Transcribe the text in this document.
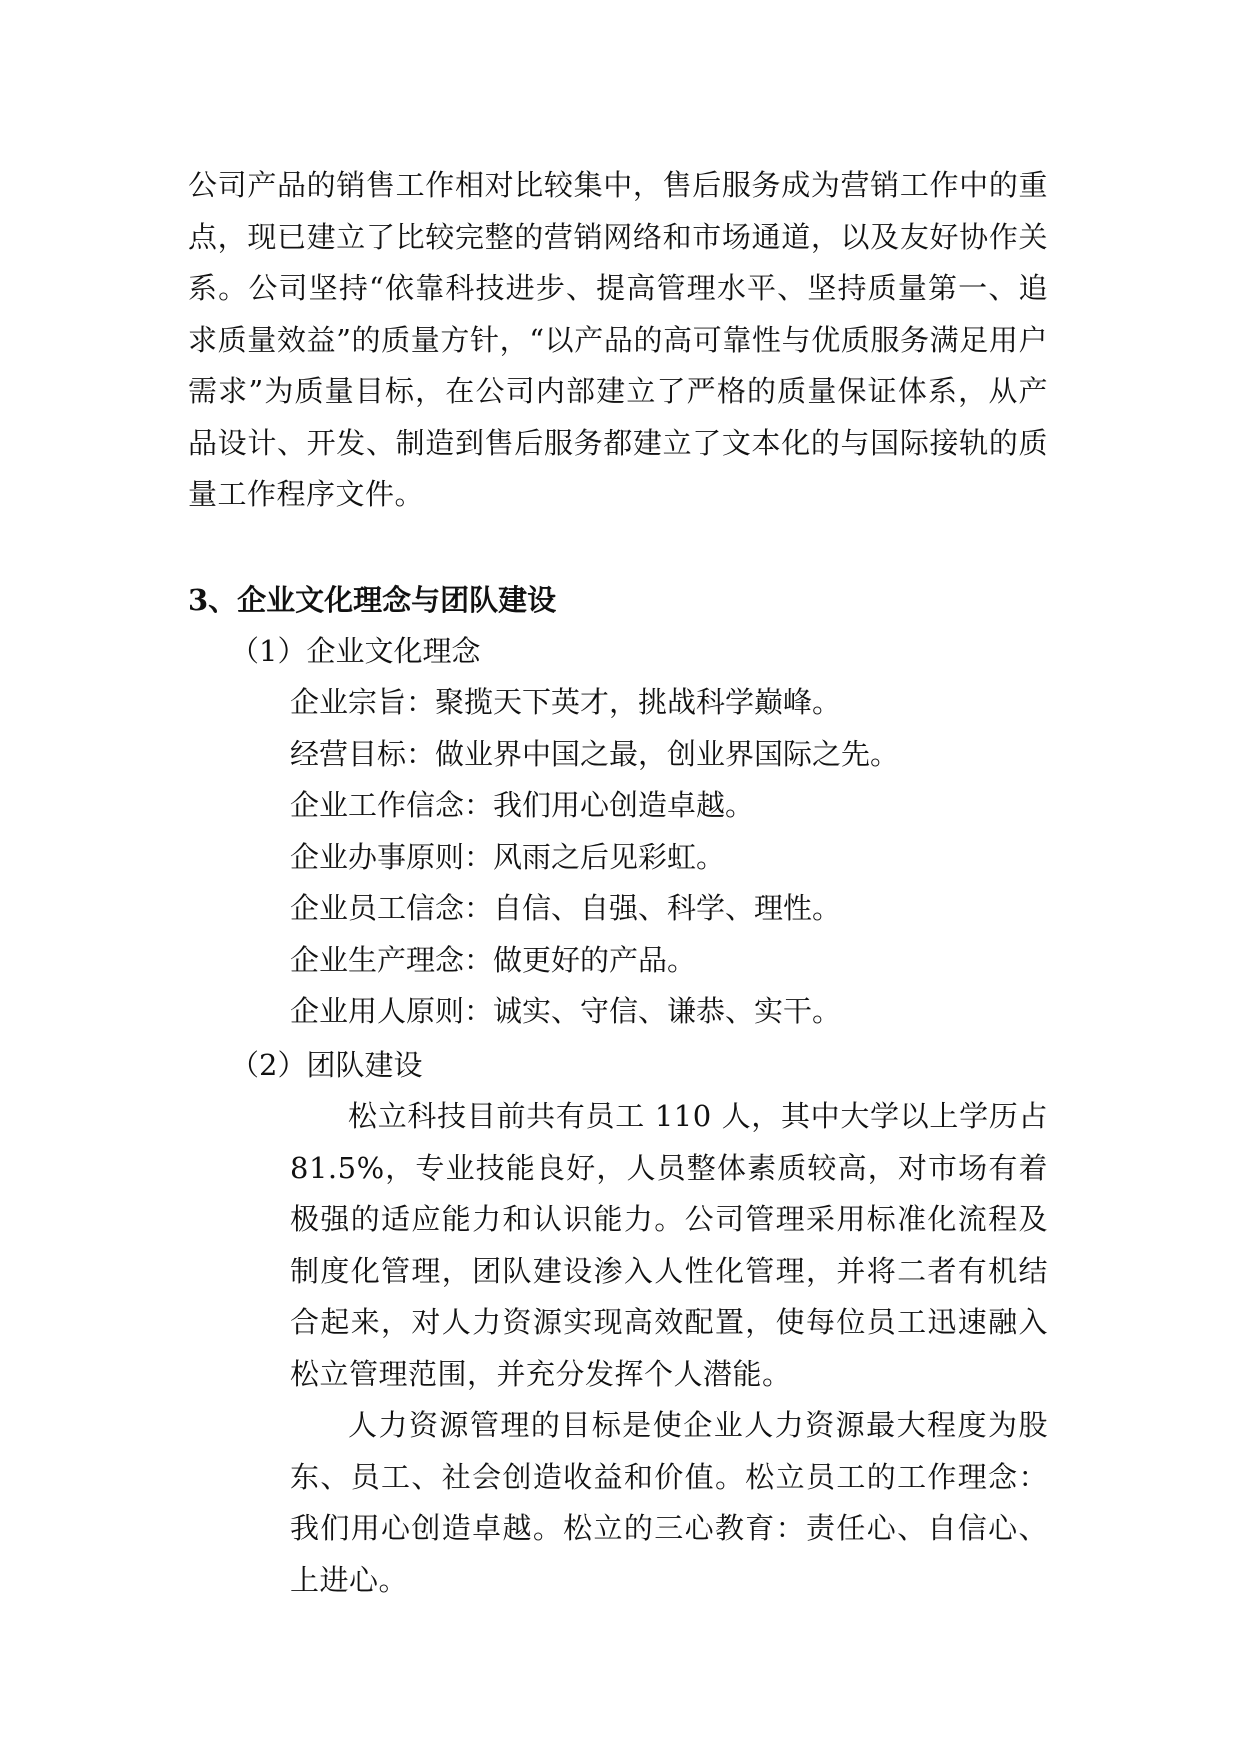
公司产品的销售工作相对比较集中，售后服务成为营销工作中的重点，现已建立了比较完整的营销网络和市场通道，以及友好协作关系。公司坚持“依靠科技进步、提高管理水平、坚持质量第一、追求质量效益”的质量方针，“以产品的高可靠性与优质服务满足用户需求”为质量目标，在公司内部建立了严格的质量保证体系，从产品设计、开发、制造到售后服务都建立了文本化的与国际接轨的质量工作程序文件。

3、企业文化理念与团队建设
（1）企业文化理念
企业宗旨：聚揽天下英才，挑战科学巅峰。
经营目标：做业界中国之最，创业界国际之先。
企业工作信念：我们用心创造卓越。
企业办事原则：风雨之后见彩虹。
企业员工信念：自信、自强、科学、理性。
企业生产理念：做更好的产品。
企业用人原则：诚实、守信、谦恭、实干。
（2）团队建设

松立科技目前共有员工 110 人，其中大学以上学历占 81.5%，专业技能良好，人员整体素质较高，对市场有着极强的适应能力和认识能力。公司管理采用标准化流程及制度化管理，团队建设渗入人性化管理，并将二者有机结合起来，对人力资源实现高效配置，使每位员工迅速融入松立管理范围，并充分发挥个人潜能。

人力资源管理的目标是使企业人力资源最大程度为股东、员工、社会创造收益和价值。松立员工的工作理念：我们用心创造卓越。松立的三心教育：责任心、自信心、上进心。
